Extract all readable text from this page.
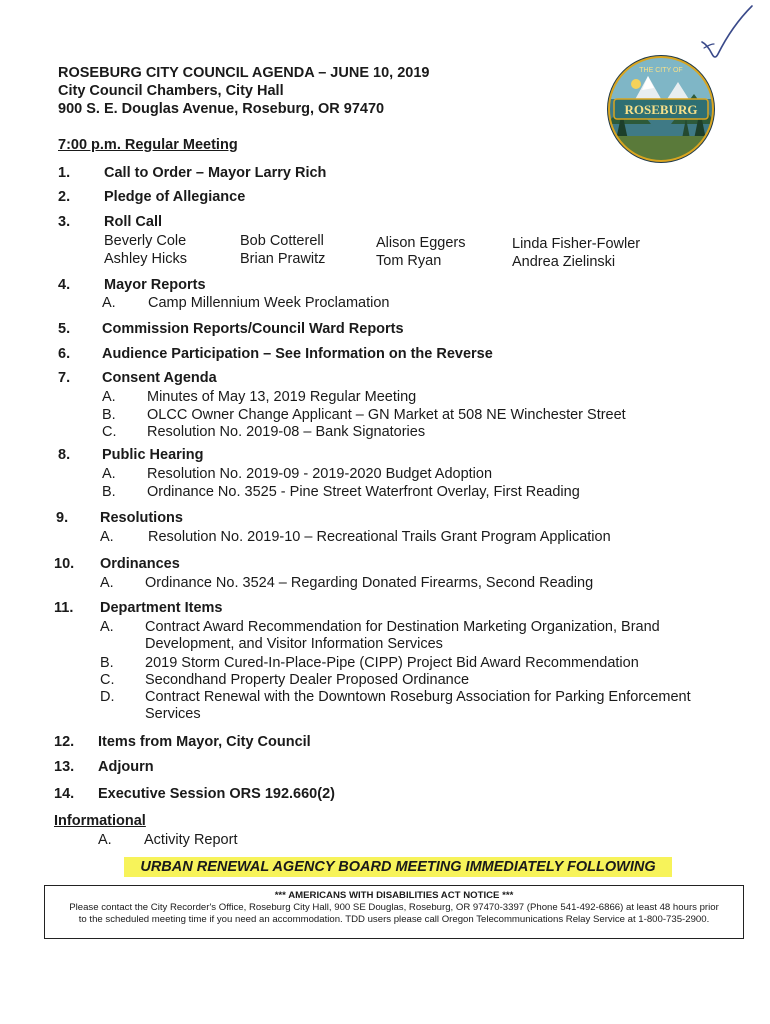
ROSEBURG CITY COUNCIL AGENDA – JUNE 10, 2019
City Council Chambers, City Hall
900 S. E. Douglas Avenue, Roseburg, OR 97470	ROSEBURG
THE CITY OF
7:00 p.m. Regular Meeting
1. Call to Order – Mayor Larry Rich
2. Pledge of Allegiance
3. Roll Call
Beverly Cole	Bob Cotterell	Alison Eggers	Linda Fisher-Fowler
Ashley Hicks	Brian Prawitz	Tom Ryan	Andrea Zielinski
4. Mayor Reports
A. Camp Millennium Week Proclamation
5. Commission Reports/Council Ward Reports
6. Audience Participation – See Information on the Reverse
7. Consent Agenda
A. Minutes of May 13, 2019 Regular Meeting
B. OLCC Owner Change Applicant – GN Market at 508 NE Winchester Street
C. Resolution No. 2019-08 – Bank Signatories
8. Public Hearing
A. Resolution No. 2019-09 - 2019-2020 Budget Adoption
B. Ordinance No. 3525 - Pine Street Waterfront Overlay, First Reading
9. Resolutions
A. Resolution No. 2019-10 – Recreational Trails Grant Program Application
10. Ordinances
A. Ordinance No. 3524 – Regarding Donated Firearms, Second Reading
11. Department Items
A. Contract Award Recommendation for Destination Marketing Organization, Brand
Development, and Visitor Information Services
B. 2019 Storm Cured-In-Place-Pipe (CIPP) Project Bid Award Recommendation
C. Secondhand Property Dealer Proposed Ordinance
D. Contract Renewal with the Downtown Roseburg Association for Parking Enforcement
Services
12. Items from Mayor, City Council
13. Adjourn
14. Executive Session ORS 192.660(2)
Informational
A. Activity Report
URBAN RENEWAL AGENCY BOARD MEETING IMMEDIATELY FOLLOWING
*** AMERICANS WITH DISABILITIES ACT NOTICE ***
Please contact the City Recorder's Office, Roseburg City Hall, 900 SE Douglas, Roseburg, OR 97470-3397 (Phone 541-492-6866) at least 48 hours prior
to the scheduled meeting time if you need an accommodation. TDD users please call Oregon Telecommunications Relay Service at 1-800-735-2900.
